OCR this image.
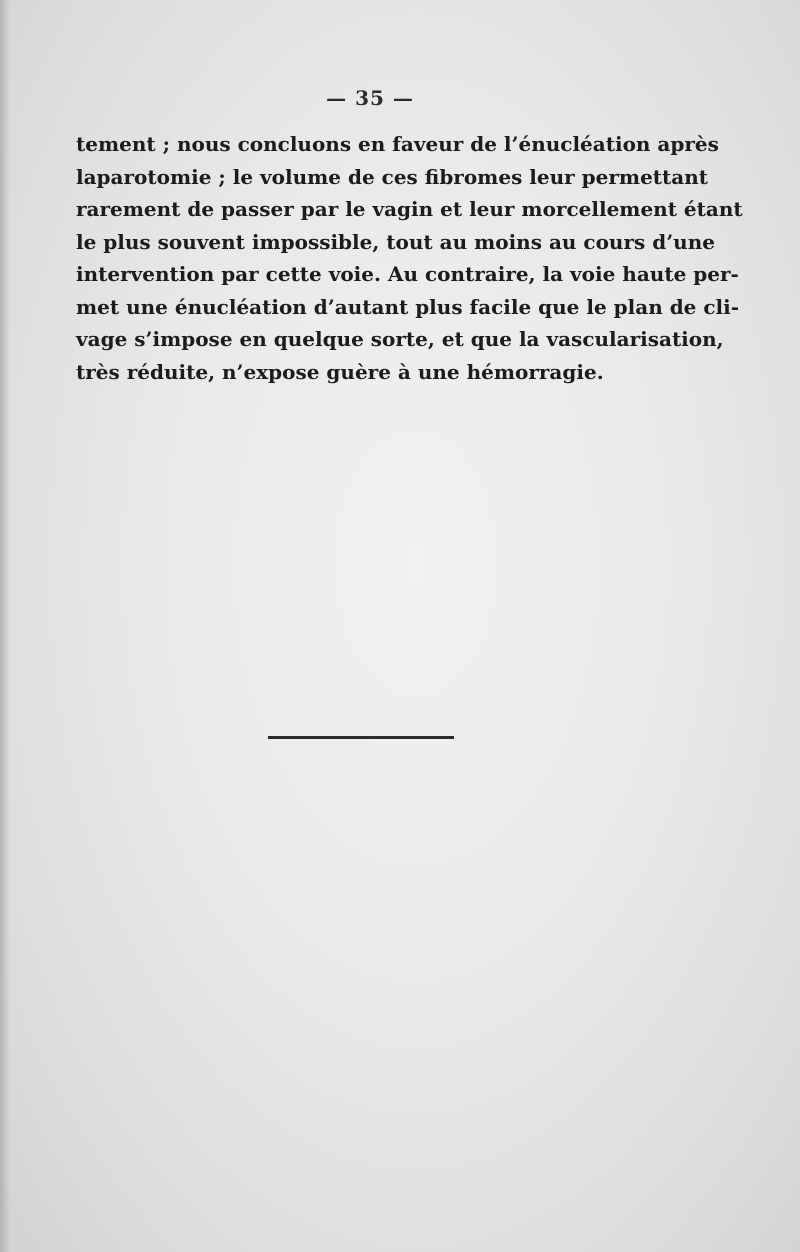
— 35 —
tement ; nous concluons en faveur de l’énucléation après
laparotomie ; le volume de ces fibromes leur permettant
rarement de passer par le vagin et leur morcellement étant
le plus souvent impossible, tout au moins au cours d’une
intervention par cette voie. Au contraire, la voie haute per-
met une énucléation d’autant plus facile que le plan de cli-
vage s’impose en quelque sorte, et que la vascularisation,
très réduite, n’expose guère à une hémorragie.
